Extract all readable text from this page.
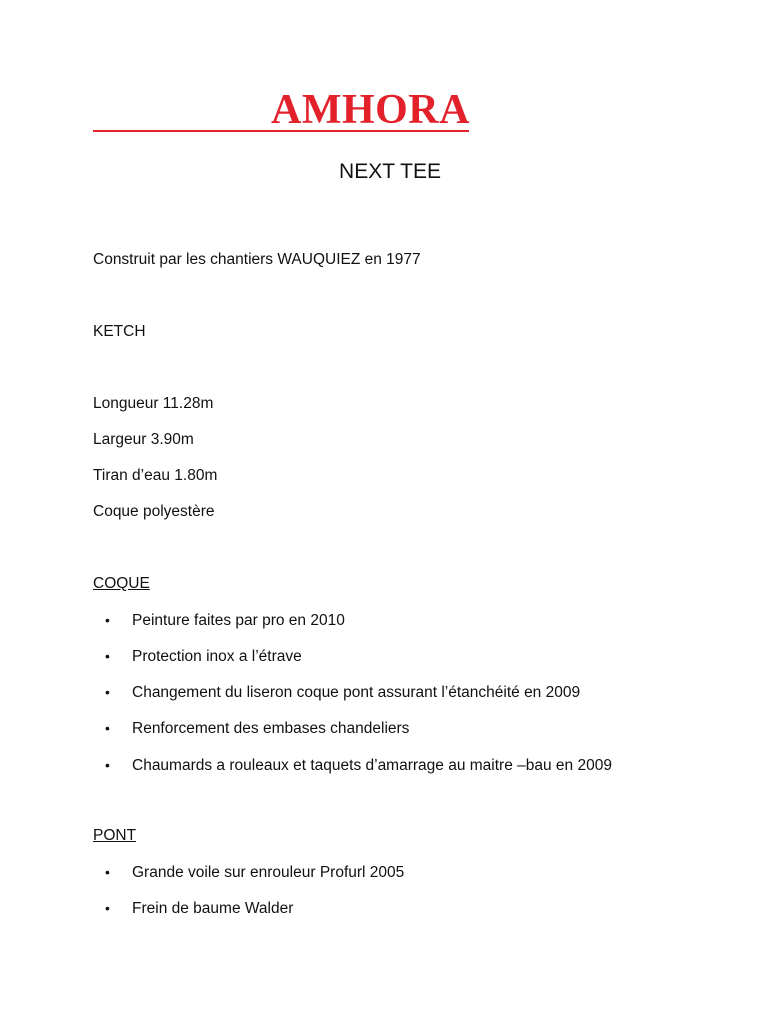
AMHORA
NEXT TEE
Construit par les chantiers WAUQUIEZ en 1977
KETCH
Longueur 11.28m
Largeur 3.90m
Tiran d’eau 1.80m
Coque polyestère
COQUE
• Peinture faites par pro en 2010
• Protection inox a l’étrave
• Changement du liseron coque pont assurant l’étanchéité en 2009
• Renforcement des embases chandeliers
• Chaumards a rouleaux et taquets d’amarrage au maitre –bau en 2009
PONT
• Grande voile sur enrouleur Profurl 2005
• Frein de baume Walder
